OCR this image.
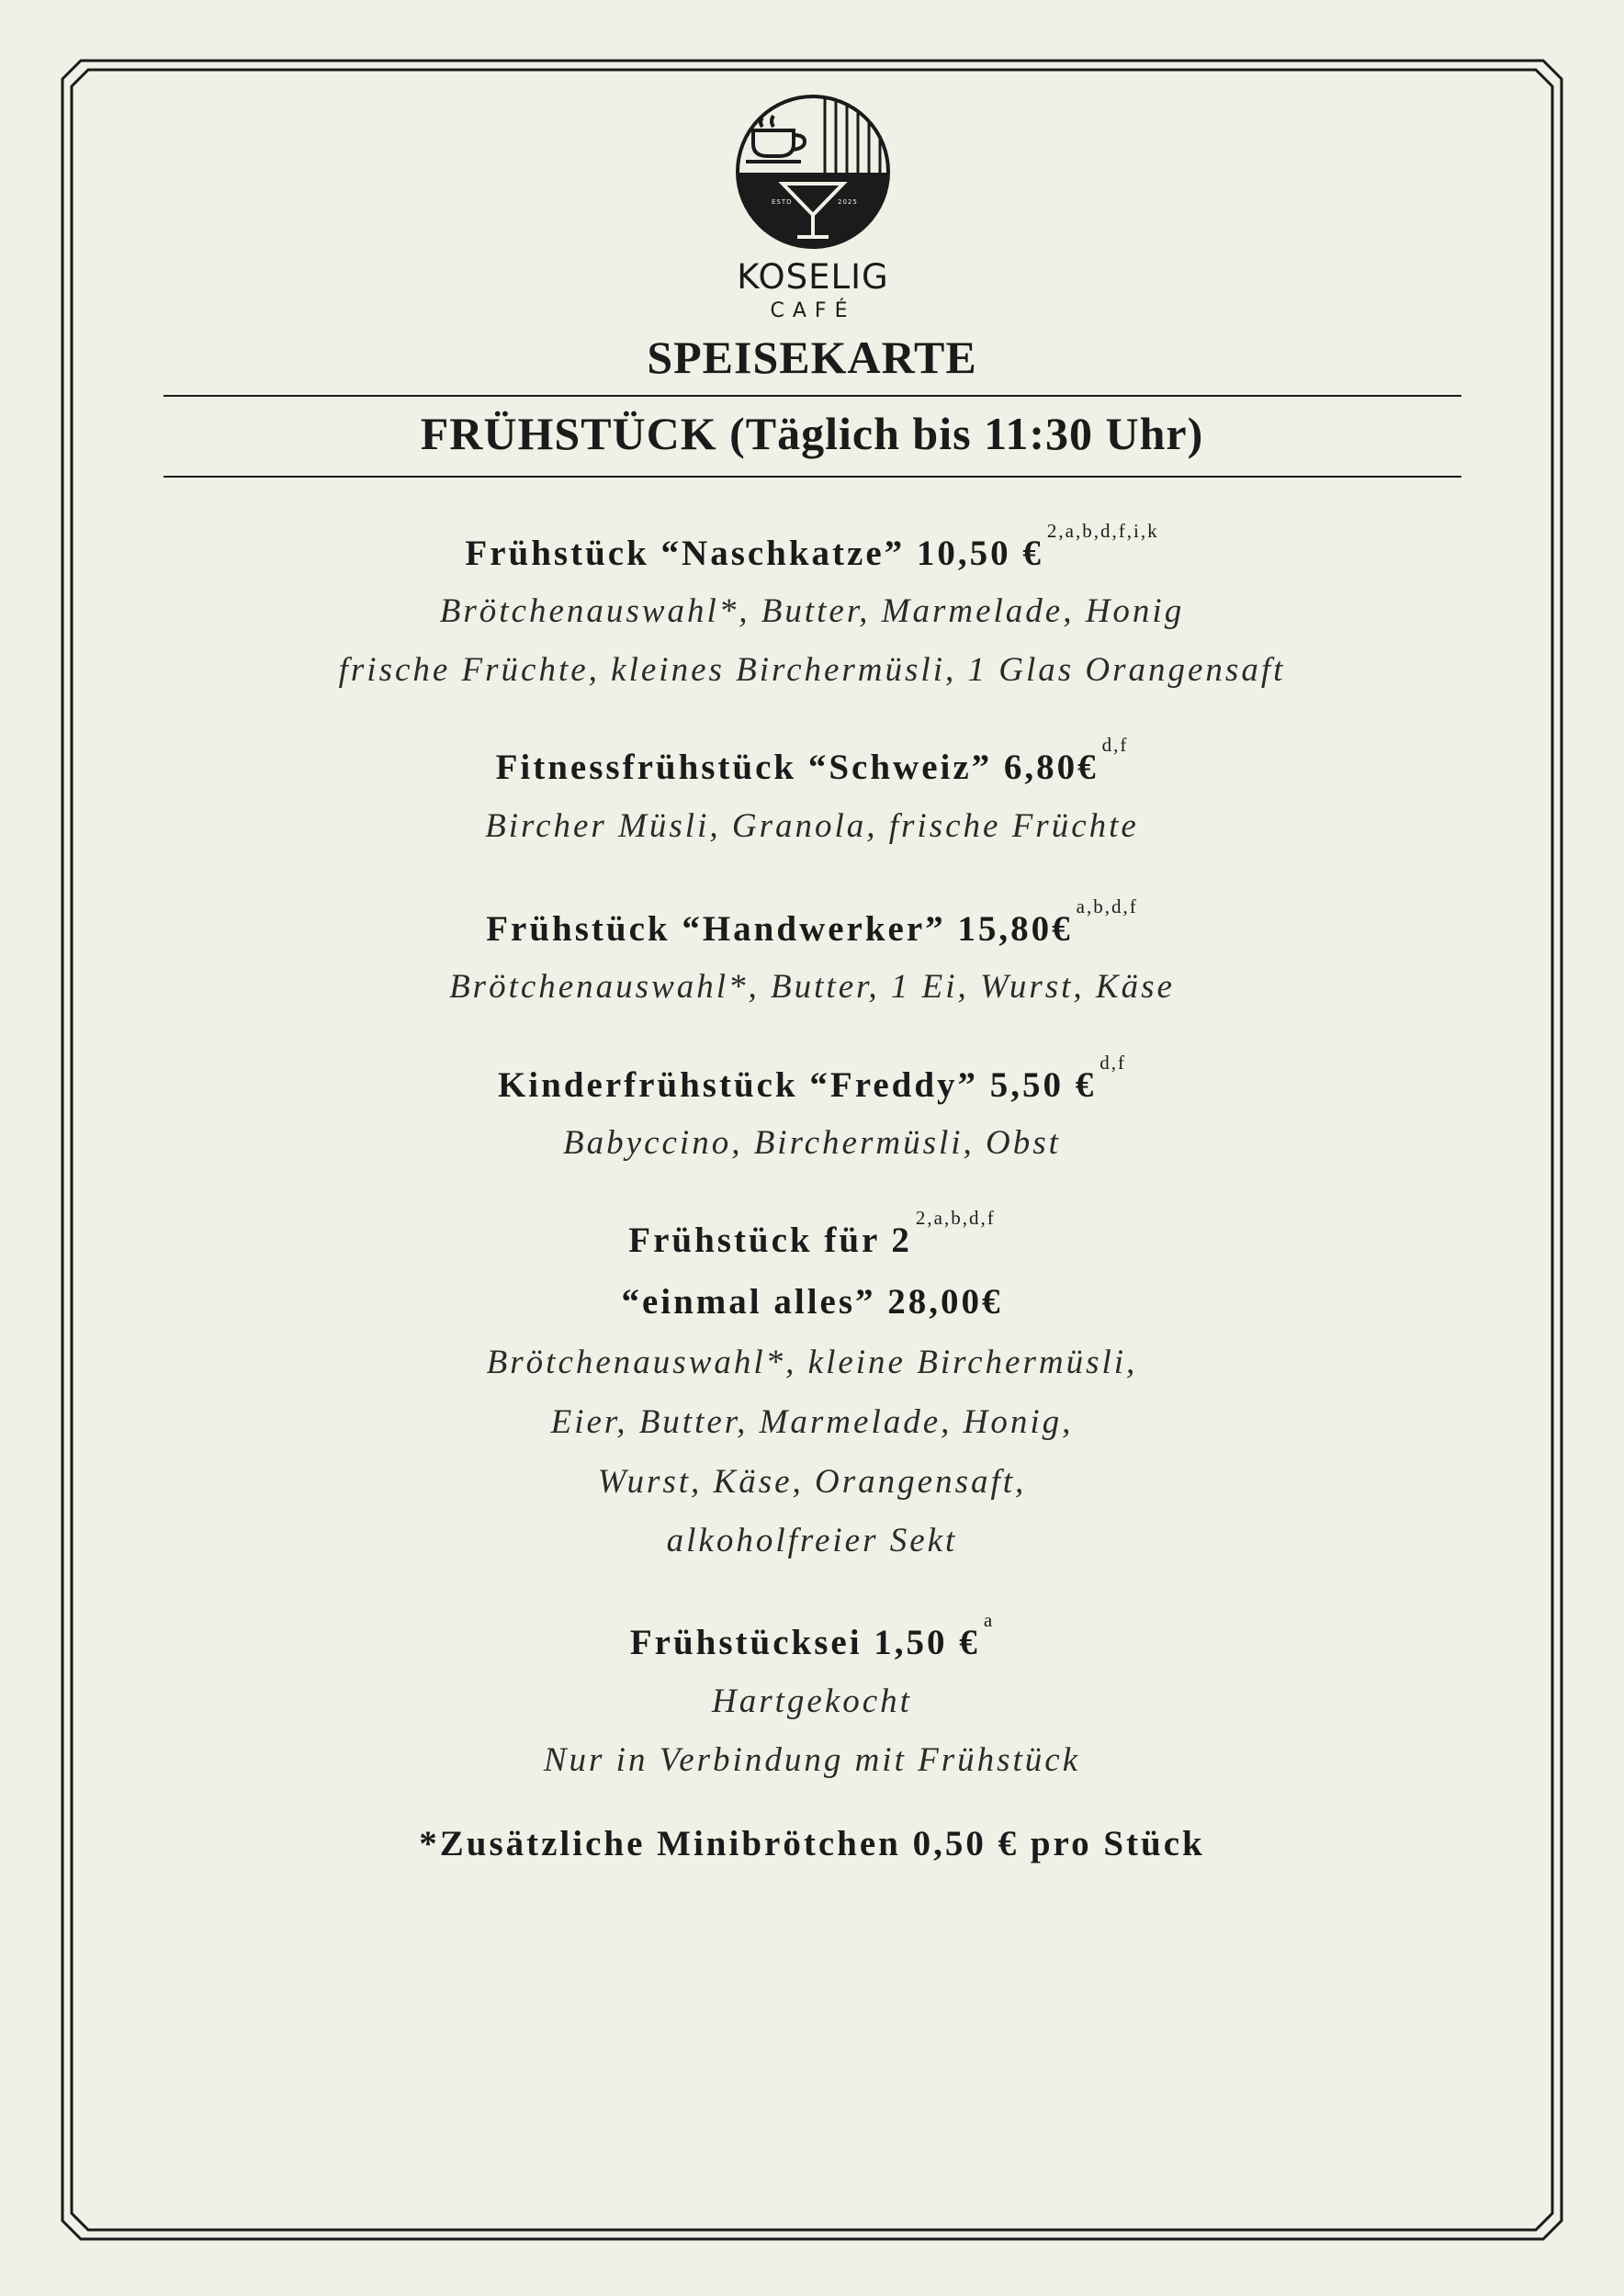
ESTD	2025
KOSELIG
CAFÉ
SPEISEKARTE
FRÜHSTÜCK (Täglich bis 11:30 Uhr)
Frühstück “Naschkatze” 10,50 €$^{2,a,b,d,f,i,k}$
Brötchenauswahl*, Butter, Marmelade, Honig
frische Früchte, kleines Birchermüsli, 1 Glas Orangensaft
Fitnessfrühstück “Schweiz” 6,80€$^{d,f}$
Bircher Müsli, Granola, frische Früchte
Frühstück “Handwerker” 15,80€$^{a,b,d,f}$
Brötchenauswahl*, Butter, 1 Ei, Wurst, Käse
Kinderfrühstück “Freddy” 5,50 €$^{d,f}$
Babyccino, Birchermüsli, Obst
Frühstück für 2$^{2,a,b,d,f}$
“einmal alles” 28,00€
Brötchenauswahl*, kleine Birchermüsli,
Eier, Butter, Marmelade, Honig,
Wurst, Käse, Orangensaft,
alkoholfreier Sekt
Frühstücksei 1,50 €$^a$
Hartgekocht
Nur in Verbindung mit Frühstück
*Zusätzliche Minibrötchen 0,50 € pro Stück
